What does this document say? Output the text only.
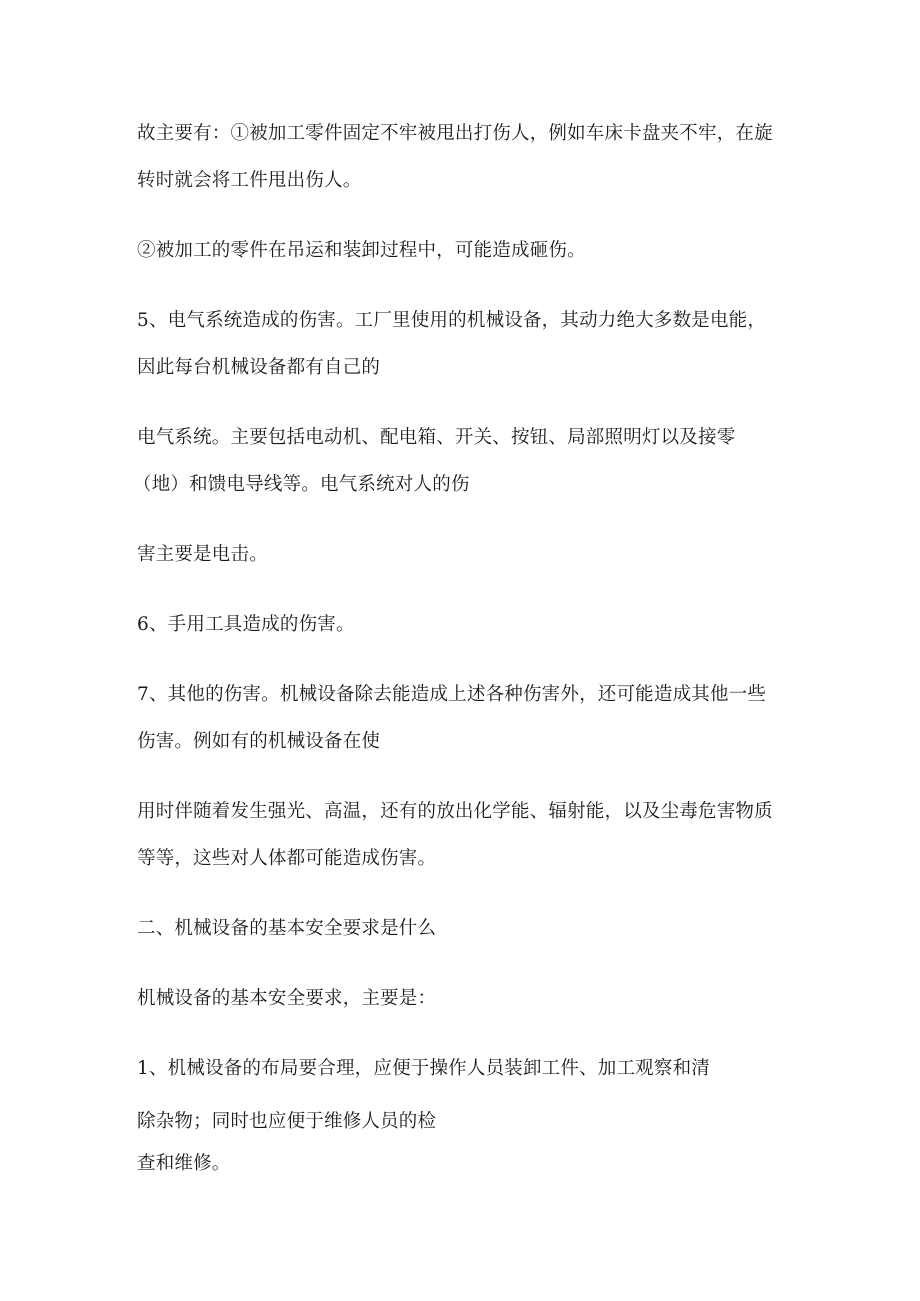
故主要有：①被加工零件固定不牢被甩出打伤人，例如车床卡盘夹不牢，在旋

转时就会将工件甩出伤人。

②被加工的零件在吊运和装卸过程中，可能造成砸伤。

5、电气系统造成的伤害。工厂里使用的机械设备，其动力绝大多数是电能，

因此每台机械设备都有自己的

电气系统。主要包括电动机、配电箱、开关、按钮、局部照明灯以及接零

（地）和馈电导线等。电气系统对人的伤

害主要是电击。

6、手用工具造成的伤害。

7、其他的伤害。机械设备除去能造成上述各种伤害外，还可能造成其他一些

伤害。例如有的机械设备在使

用时伴随着发生强光、高温，还有的放出化学能、辐射能，以及尘毒危害物质

等等，这些对人体都可能造成伤害。

二、机械设备的基本安全要求是什么

机械设备的基本安全要求，主要是：

1、机械设备的布局要合理，应便于操作人员装卸工件、加工观察和清

除杂物；同时也应便于维修人员的检

查和维修。
